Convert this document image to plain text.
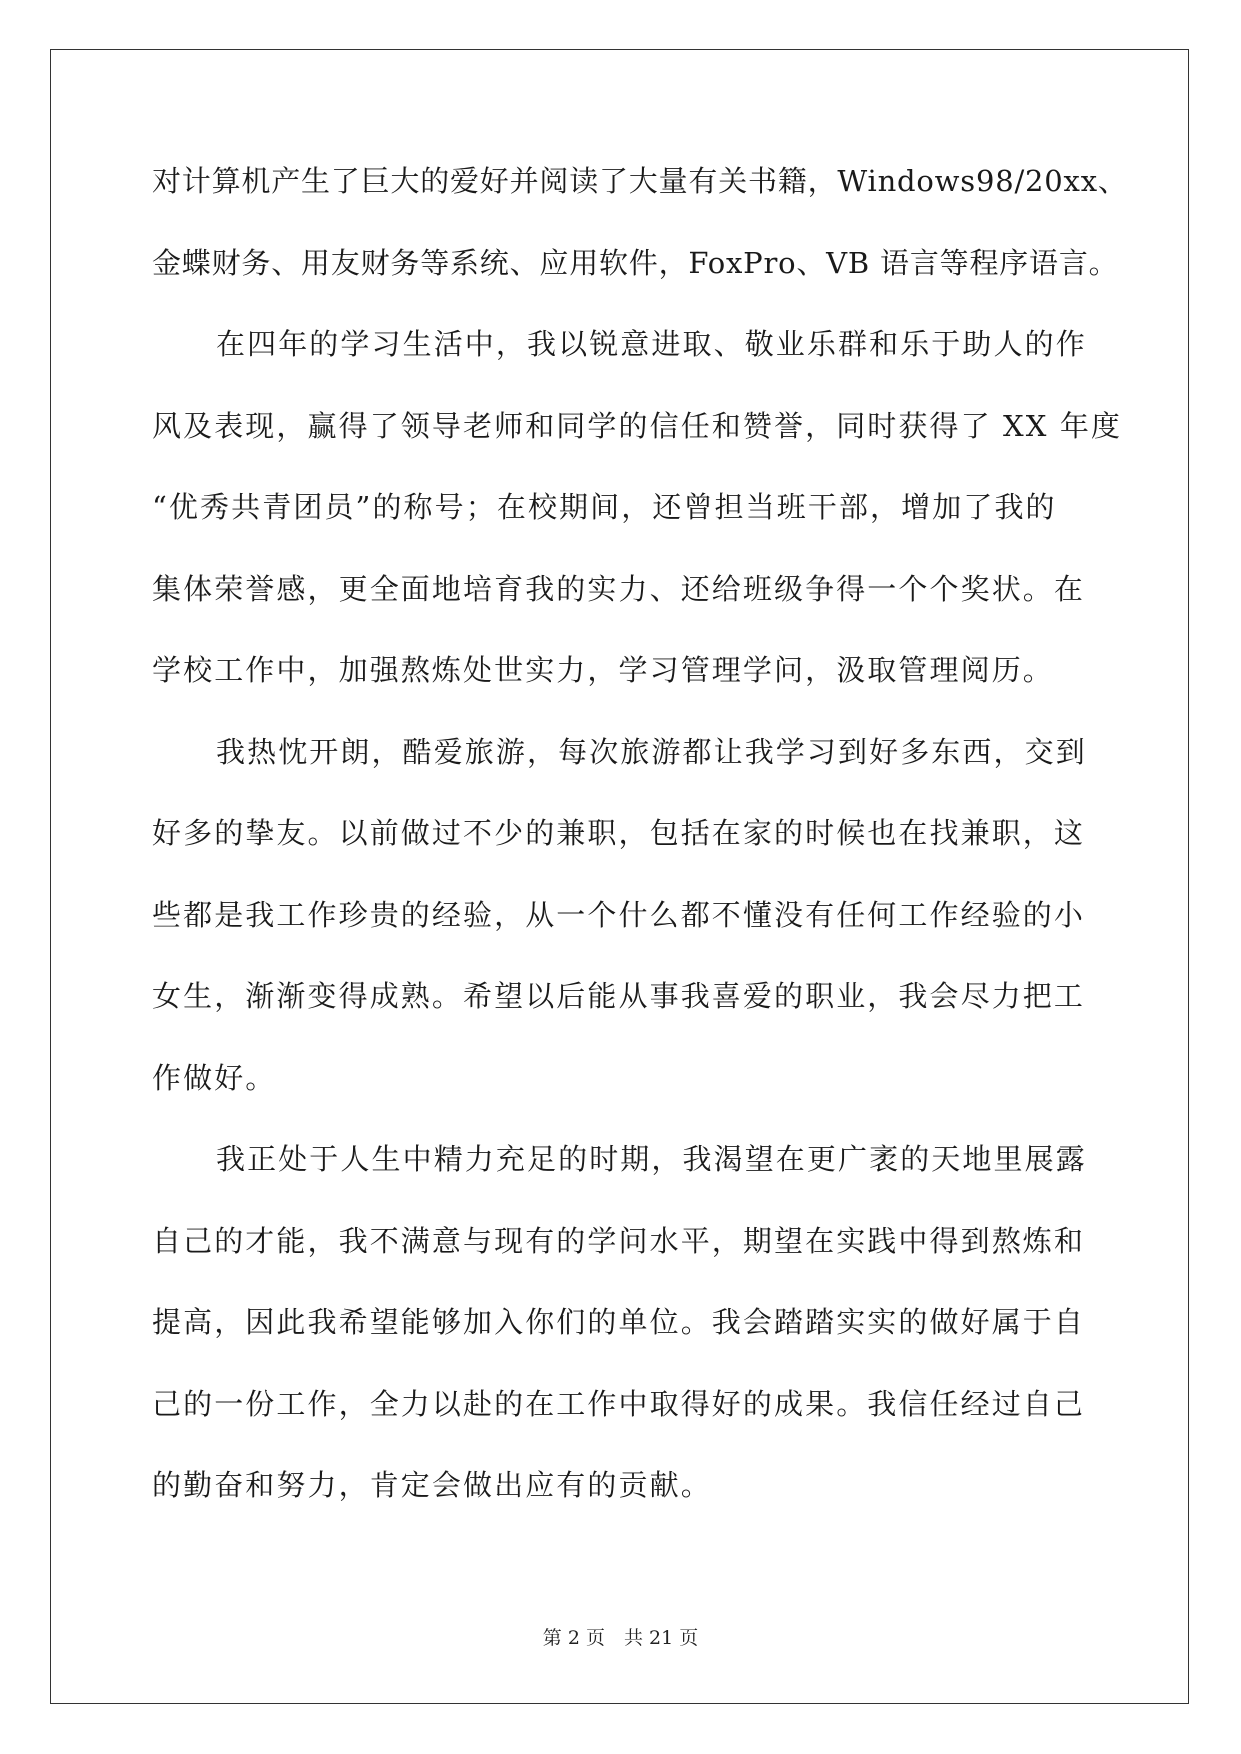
对计算机产生了巨大的爱好并阅读了大量有关书籍，Windows98/20xx、
金蝶财务、用友财务等系统、应用软件，FoxPro、VB 语言等程序语言。
在四年的学习生活中，我以锐意进取、敬业乐群和乐于助人的作
风及表现，赢得了领导老师和同学的信任和赞誉，同时获得了 XX 年度
“优秀共青团员”的称号；在校期间，还曾担当班干部，增加了我的
集体荣誉感，更全面地培育我的实力、还给班级争得一个个奖状。在
学校工作中，加强熬炼处世实力，学习管理学问，汲取管理阅历。
我热忱开朗，酷爱旅游，每次旅游都让我学习到好多东西，交到
好多的挚友。以前做过不少的兼职，包括在家的时候也在找兼职，这
些都是我工作珍贵的经验，从一个什么都不懂没有任何工作经验的小
女生，渐渐变得成熟。希望以后能从事我喜爱的职业，我会尽力把工
作做好。
我正处于人生中精力充足的时期，我渴望在更广袤的天地里展露
自己的才能，我不满意与现有的学问水平，期望在实践中得到熬炼和
提高，因此我希望能够加入你们的单位。我会踏踏实实的做好属于自
己的一份工作，全力以赴的在工作中取得好的成果。我信任经过自己
的勤奋和努力，肯定会做出应有的贡献。
第 2 页　共 21 页
